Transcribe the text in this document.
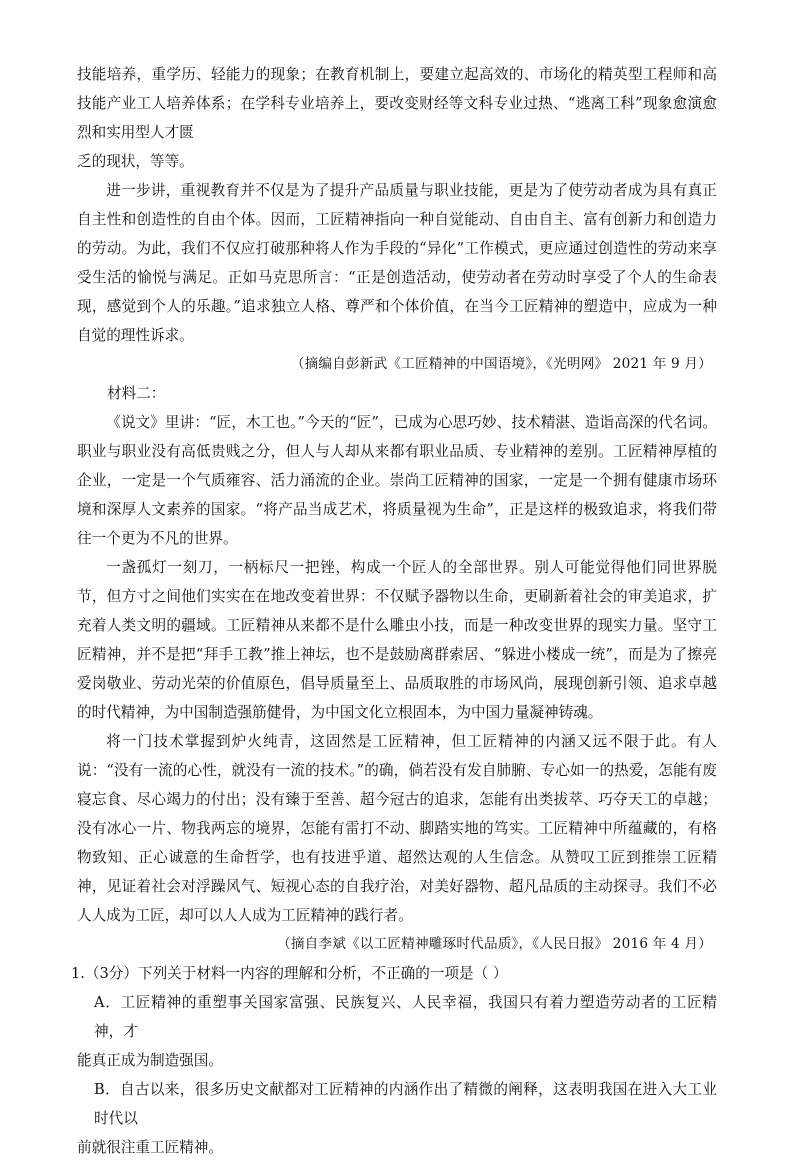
技能培养，重学历、轻能力的现象；在教育机制上，要建立起高效的、市场化的精英型工程师和高技能产业工人培养体系；在学科专业培养上，要改变财经等文科专业过热、“逃离工科”现象愈演愈烈和实用型人才匮

乏的现状，等等。

进一步讲，重视教育并不仅是为了提升产品质量与职业技能，更是为了使劳动者成为具有真正自主性和创造性的自由个体。因而，工匠精神指向一种自觉能动、自由自主、富有创新力和创造力的劳动。为此，我们不仅应打破那种将人作为手段的“异化”工作模式，更应通过创造性的劳动来享受生活的愉悦与满足。正如马克思所言：“正是创造活动，使劳动者在劳动时享受了个人的生命表现，感觉到个人的乐趣。”追求独立人格、尊严和个体价值，在当今工匠精神的塑造中，应成为一种自觉的理性诉求。

（摘编自彭新武《工匠精神的中国语境》，《光明网》 2021 年 9 月）

材料二：

《说文》里讲：“匠，木工也。”今天的“匠”，已成为心思巧妙、技术精湛、造诣高深的代名词。职业与职业没有高低贵贱之分，但人与人却从来都有职业品质、专业精神的差别。工匠精神厚植的企业，一定是一个气质雍容、活力涌流的企业。崇尚工匠精神的国家，一定是一个拥有健康市场环境和深厚人文素养的国家。“将产品当成艺术，将质量视为生命”，正是这样的极致追求，将我们带往一个更为不凡的世界。

一盏孤灯一刻刀，一柄标尺一把锉，构成一个匠人的全部世界。别人可能觉得他们同世界脱节，但方寸之间他们实实在在地改变着世界：不仅赋予器物以生命，更刷新着社会的审美追求，扩充着人类文明的疆域。工匠精神从来都不是什么雕虫小技，而是一种改变世界的现实力量。坚守工匠精神，并不是把“拜手工教”推上神坛，也不是鼓励离群索居、“躲进小楼成一统”，而是为了擦亮爱岗敬业、劳动光荣的价值原色，倡导质量至上、品质取胜的市场风尚，展现创新引领、追求卓越的时代精神，为中国制造强筋健骨，为中国文化立根固本，为中国力量凝神铸魂。

将一门技术掌握到炉火纯青，这固然是工匠精神，但工匠精神的内涵又远不限于此。有人说：“没有一流的心性，就没有一流的技术。”的确，倘若没有发自肺腑、专心如一的热爱，怎能有废寝忘食、尽心竭力的付出；没有臻于至善、超今冠古的追求，怎能有出类拔萃、巧夺天工的卓越；没有冰心一片、物我两忘的境界，怎能有雷打不动、脚踏实地的笃实。工匠精神中所蕴藏的，有格物致知、正心诚意的生命哲学，也有技进乎道、超然达观的人生信念。从赞叹工匠到推崇工匠精神，见证着社会对浮躁风气、短视心态的自我疗治，对美好器物、超凡品质的主动探寻。我们不必人人成为工匠，却可以人人成为工匠精神的践行者。

（摘自李斌《以工匠精神雕琢时代品质》，《人民日报》 2016 年 4 月）

1.（3分）下列关于材料一内容的理解和分析，不正确的一项是（ ）

A．工匠精神的重塑事关国家富强、民族复兴、人民幸福，我国只有着力塑造劳动者的工匠精神，才

能真正成为制造强国。

B．自古以来，很多历史文献都对工匠精神的内涵作出了精微的阐释，这表明我国在进入大工业时代以

前就很注重工匠精神。
